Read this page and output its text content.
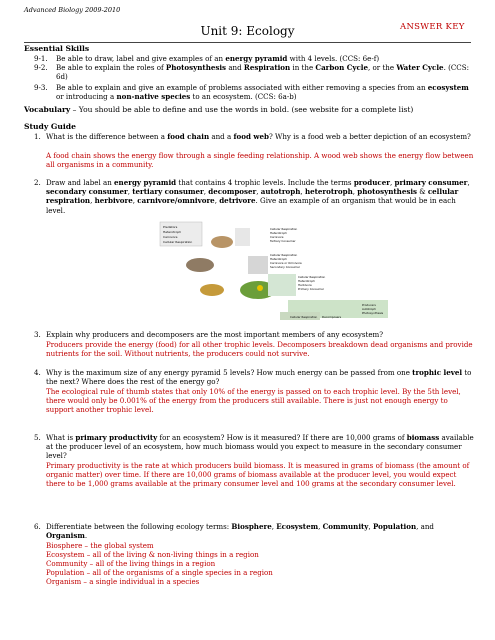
Advanced Biology 2009-2010
ANSWER KEY
Unit 9: Ecology
Essential Skills
9-1. Be able to draw, label and give examples of an energy pyramid with 4 levels. (CCS: 6e-f)
9-2. Be able to explain the roles of Photosynthesis and Respiration in the Carbon Cycle, or the Water Cycle. (CCS: 6d)
9-3. Be able to explain and give an example of problems associated with either removing a species from an ecosystem or introducing a non-native species to an ecosystem. (CCS: 6a-b)
Vocabulary – You should be able to define and use the words in bold. (see website for a complete list)
Study Guide
1. What is the difference between a food chain and a food web? Why is a food web a better depiction of an ecosystem?
A food chain shows the energy flow through a single feeding relationship. A wood web shows the energy flow between all organisms in a community.
2. Draw and label an energy pyramid that contains 4 trophic levels. Include the terms producer, primary consumer, secondary consumer, tertiary consumer, decomposer, autotroph, heterotroph, photosynthesis & cellular respiration, herbivore, carnivore/omnivore, detrivore. Give an example of an organism that would be in each level.
Predators
Heterotroph
Carnivore
Cellular Respiration
Cellular Respiration
Heterotroph
Carnivore
Tertiary Consumer
Cellular Respiration
Heterotroph
Carnivore or Omnivore
Secondary Consumer
Cellular Respiration
Heterotroph
Herbivore
Primary Consumer
Producers
Autotroph
Photosynthesis
Cellular Respiration Decomposers
3. Explain why producers and decomposers are the most important members of any ecosystem?
Producers provide the energy (food) for all other trophic levels. Decomposers breakdown dead organisms and provide nutrients for the soil. Without nutrients, the producers could not survive.
4. Why is the maximum size of any energy pyramid 5 levels? How much energy can be passed from one trophic level to the next? Where does the rest of the energy go?
The ecological rule of thumb states that only 10% of the energy is passed on to each trophic level. By the 5th level, there would only be 0.001% of the energy from the producers still available. There is just not enough energy to support another trophic level.
5. What is primary productivity for an ecosystem? How is it measured? If there are 10,000 grams of biomass available at the producer level of an ecosystem, how much biomass would you expect to measure in the secondary consumer level?
Primary productivity is the rate at which producers build biomass. It is measured in grams of biomass (the amount of organic matter) over time. If there are 10,000 grams of biomass available at the producer level, you would expect there to be 1,000 grams available at the primary consumer level and 100 grams at the secondary consumer level.
6. Differentiate between the following ecology terms: Biosphere, Ecosystem, Community, Population, and Organism.
Biosphere – the global system
Ecosystem – all of the living & non-living things in a region
Community – all of the living things in a region
Population – all of the organisms of a single species in a region
Organism – a single individual in a species
